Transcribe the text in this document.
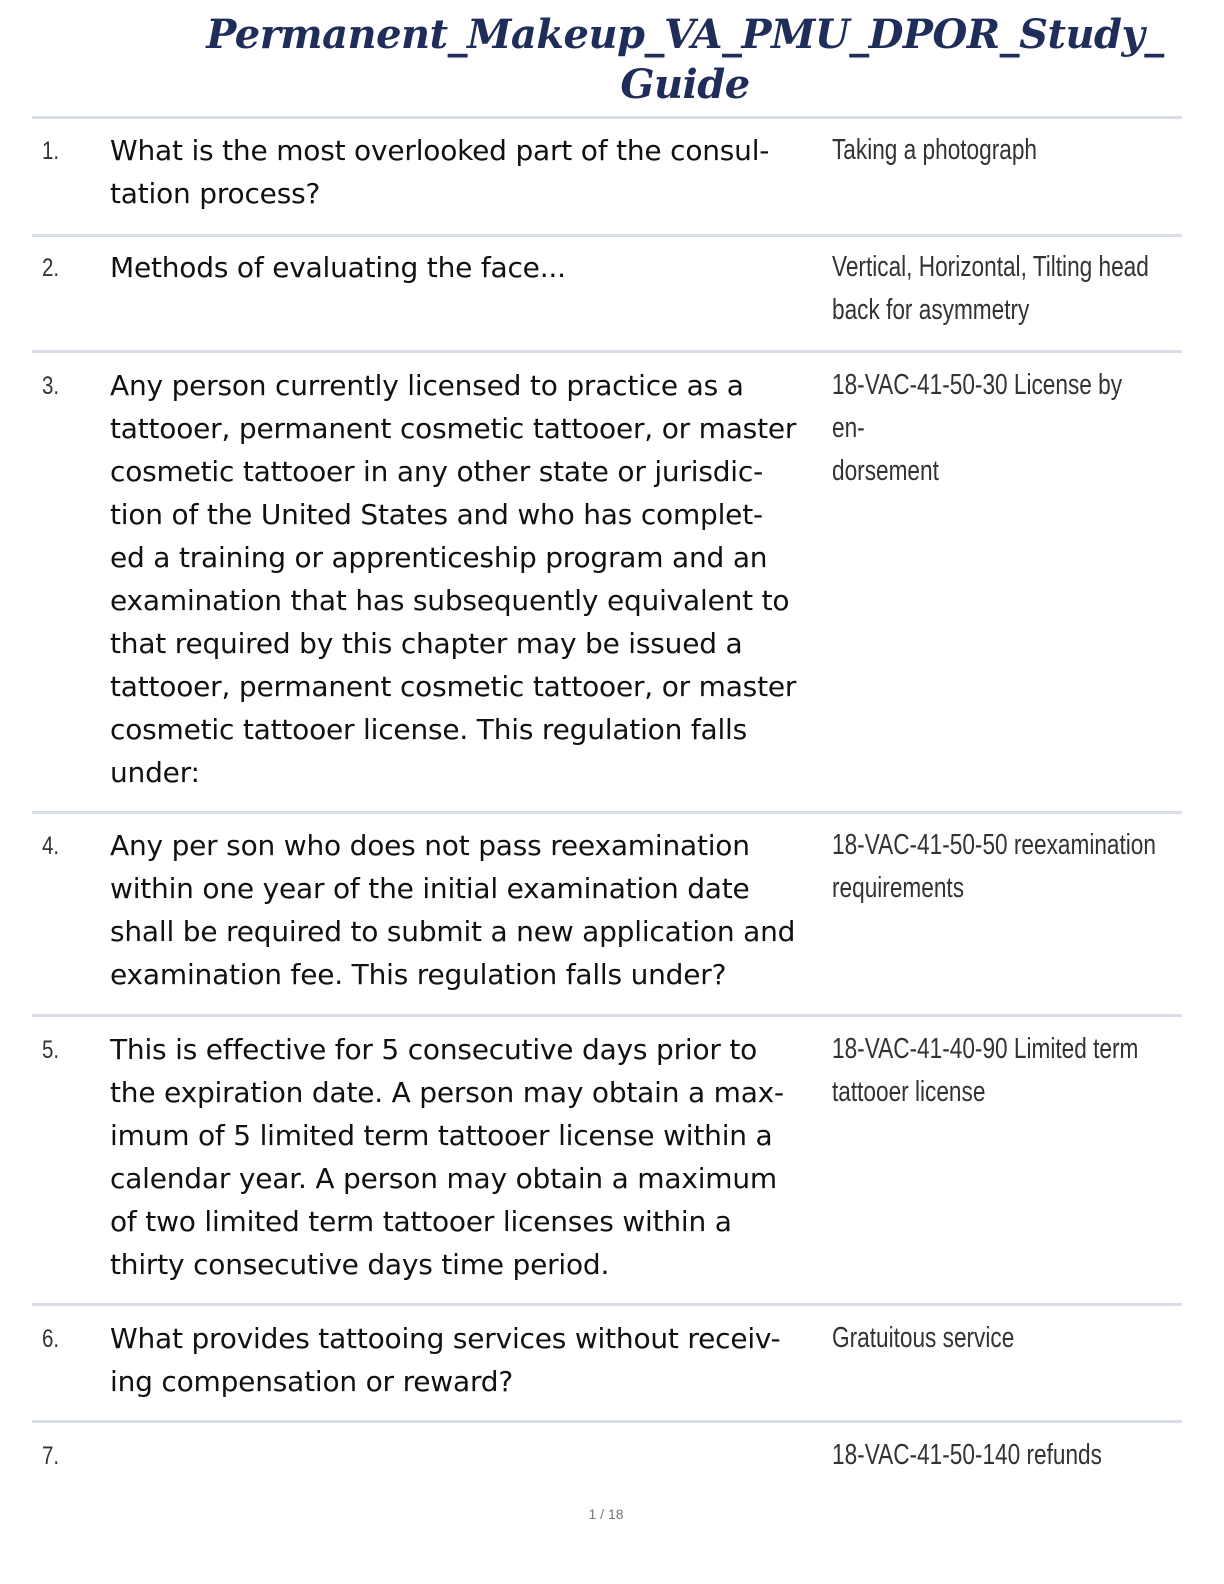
Permanent_Makeup_VA_PMU_DPOR_Study_
Guide
1. What is the most overlooked part of the consul-
tation process?
Taking a photograph
2. Methods of evaluating the face...	Vertical, Horizontal, Tilting head
back for asymmetry
3. Any person currently licensed to practice as a
tattooer, permanent cosmetic tattooer, or master
cosmetic tattooer in any other state or jurisdic-
tion of the United States and who has complet-
ed a training or apprenticeship program and an
examination that has subsequently equivalent to
that required by this chapter may be issued a
tattooer, permanent cosmetic tattooer, or master
cosmetic tattooer license. This regulation falls
under:
18-VAC-41-50-30 License by en-
dorsement
4. Any per son who does not pass reexamination
within one year of the initial examination date
shall be required to submit a new application and
examination fee. This regulation falls under?
18-VAC-41-50-50 reexamination
requirements
5. This is effective for 5 consecutive days prior to
the expiration date. A person may obtain a max-
imum of 5 limited term tattooer license within a
calendar year. A person may obtain a maximum
of two limited term tattooer licenses within a
thirty consecutive days time period.
18-VAC-41-40-90 Limited term
tattooer license
6. What provides tattooing services without receiv-
ing compensation or reward?
Gratuitous service
7.	18-VAC-41-50-140 refunds
1 / 18
